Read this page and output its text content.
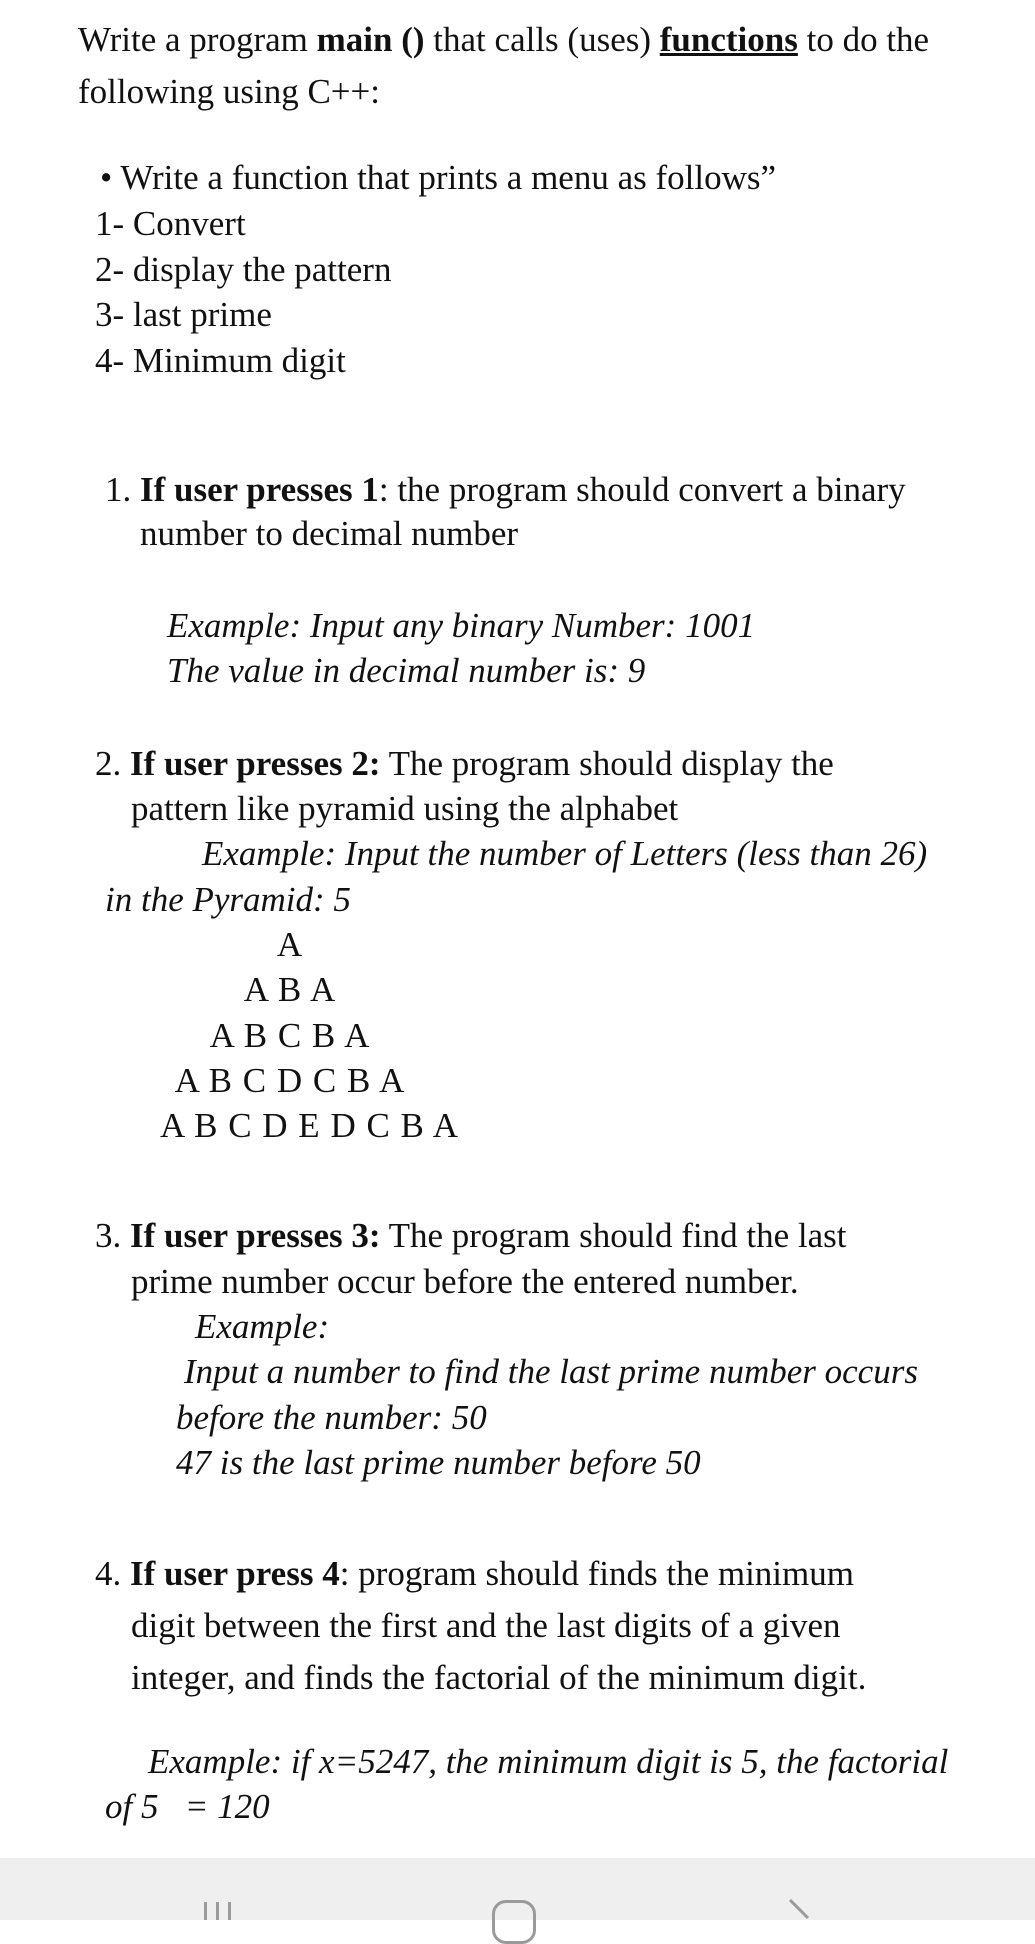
Write a program main () that calls (uses) functions to do the
following using C++:
• Write a function that prints a menu as follows”
1- Convert
2- display the pattern
3- last prime
4- Minimum digit
1. If user presses 1: the program should convert a binary
number to decimal number
Example: Input any binary Number: 1001
The value in decimal number is: 9
2. If user presses 2: The program should display the
pattern like pyramid using the alphabet
Example: Input the number of Letters (less than 26)
in the Pyramid: 5
A
A B A
A B C B A
A B C D C B A
A B C D E D C B A
3. If user presses 3: The program should find the last
prime number occur before the entered number.
Example:
Input a number to find the last prime number occurs
before the number: 50
47 is the last prime number before 50
4. If user press 4: program should finds the minimum
digit between the first and the last digits of a given
integer, and finds the factorial of the minimum digit.
Example: if x=5247, the minimum digit is 5, the factorial
of 5   = 120
